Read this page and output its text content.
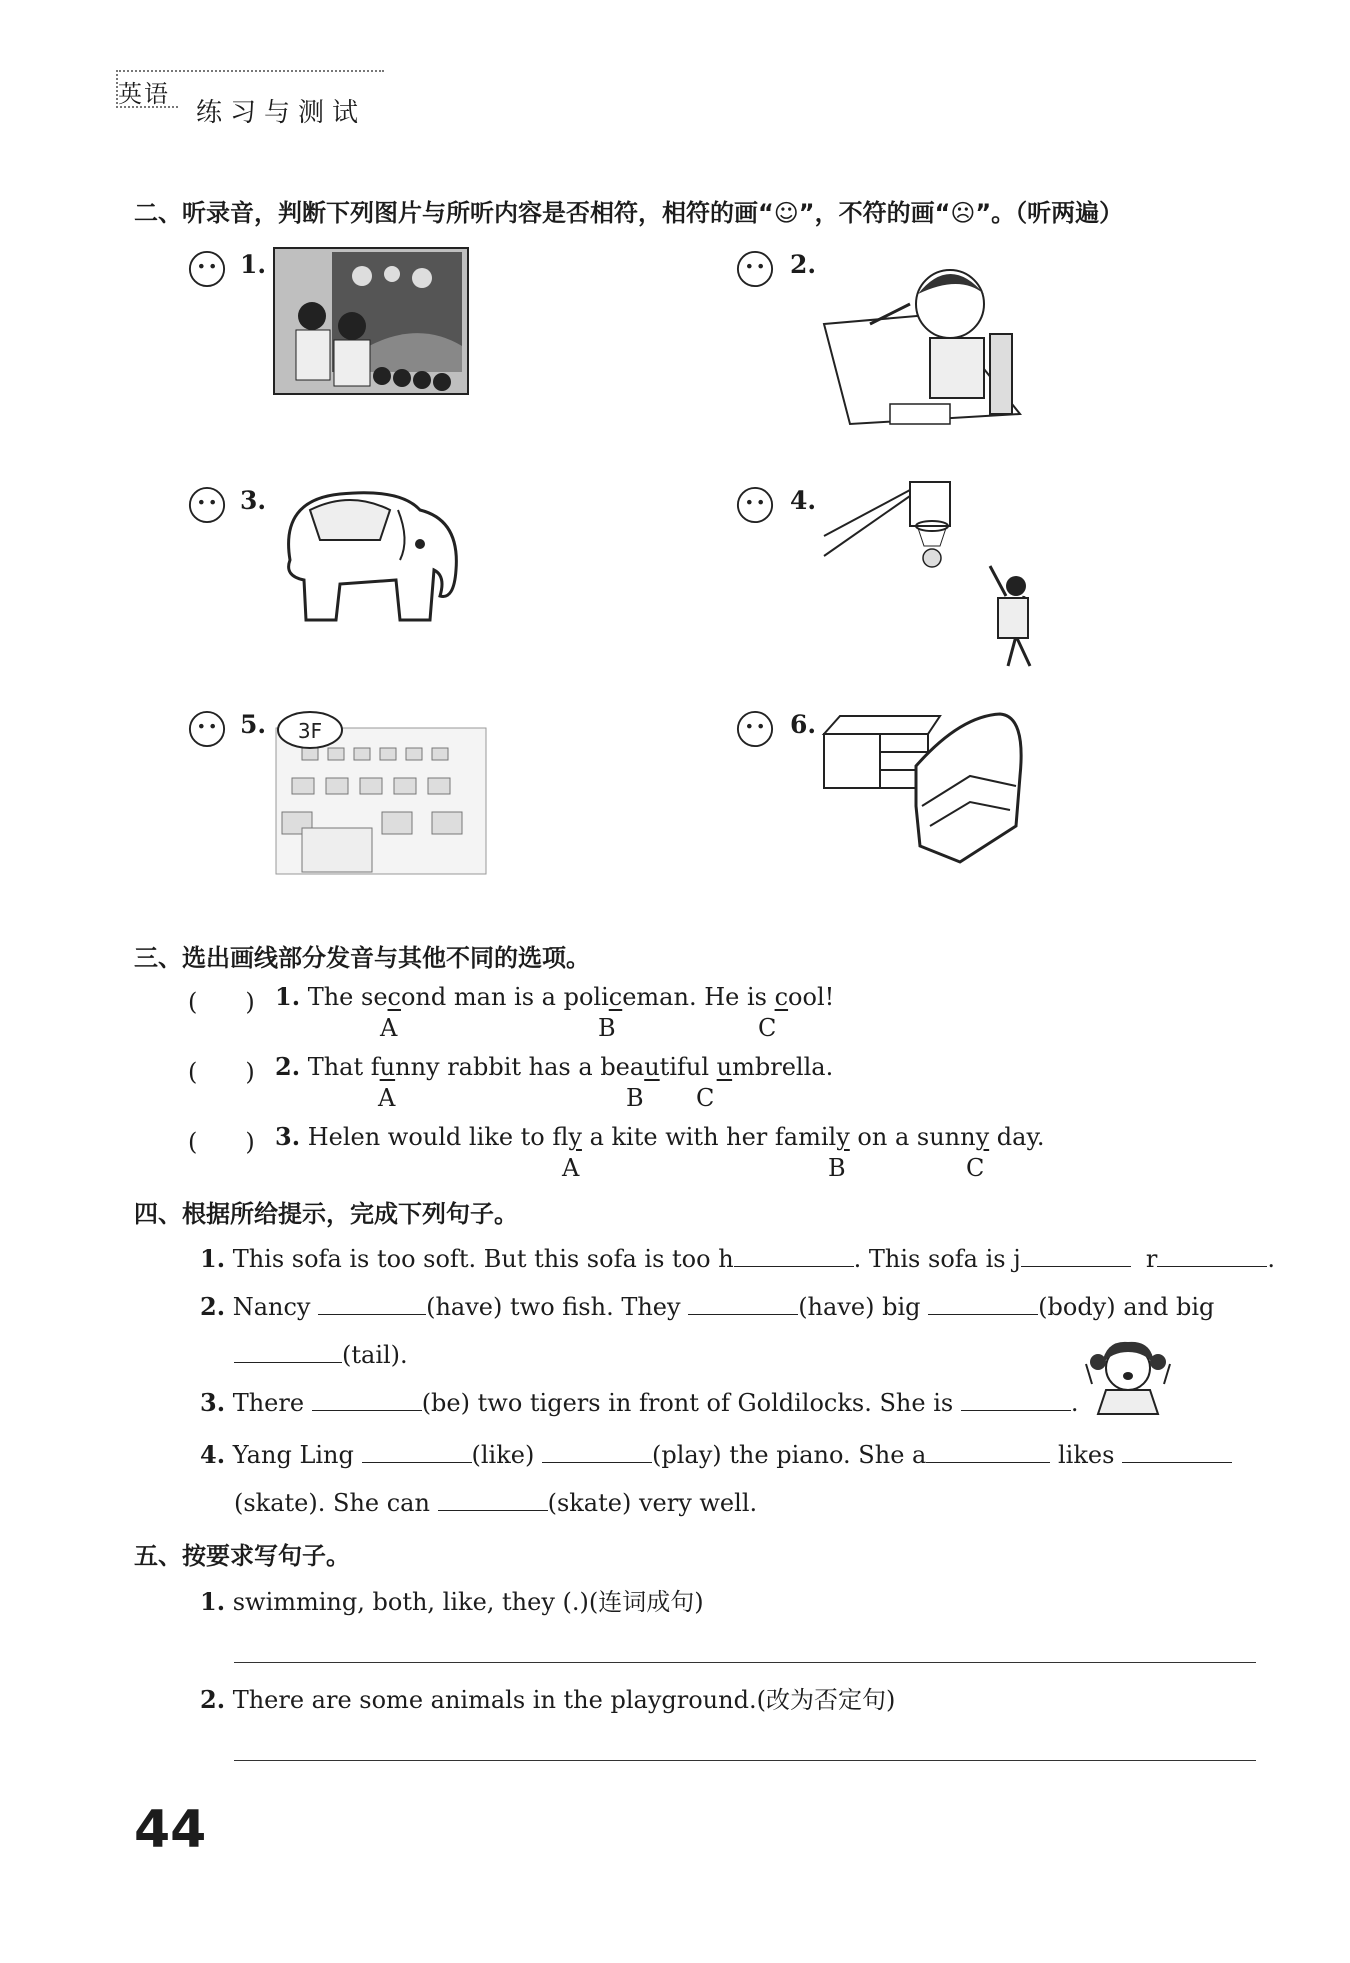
英语
练习与测试
二、听录音，判断下列图片与所听内容是否相符，相符的画“☺”，不符的画“☹”。（听两遍）
1.	2.
3.	4.
5. 3F	6.
三、选出画线部分发音与其他不同的选项。
(　　) 1. The second man is a policeman. He is cool!
A	B	C
(　　) 2. That funny rabbit has a beautiful umbrella.
A	B C
(　　) 3. Helen would like to fly a kite with her family on a sunny day.
A	B	C
四、根据所给提示，完成下列句子。
1. This sofa is too soft. But this sofa is too h	. This sofa is j	r	.
2. Nancy	(have) two fish. They	(have) big	(body) and big
(tail).
3. There	(be) two tigers in front of Goldilocks. She is	.
4. Yang Ling	(like)	(play) the piano. She a	likes
(skate). She can	(skate) very well.
五、按要求写句子。
1. swimming, both, like, they (.)(连词成句)
2. There are some animals in the playground.(改为否定句)
44
